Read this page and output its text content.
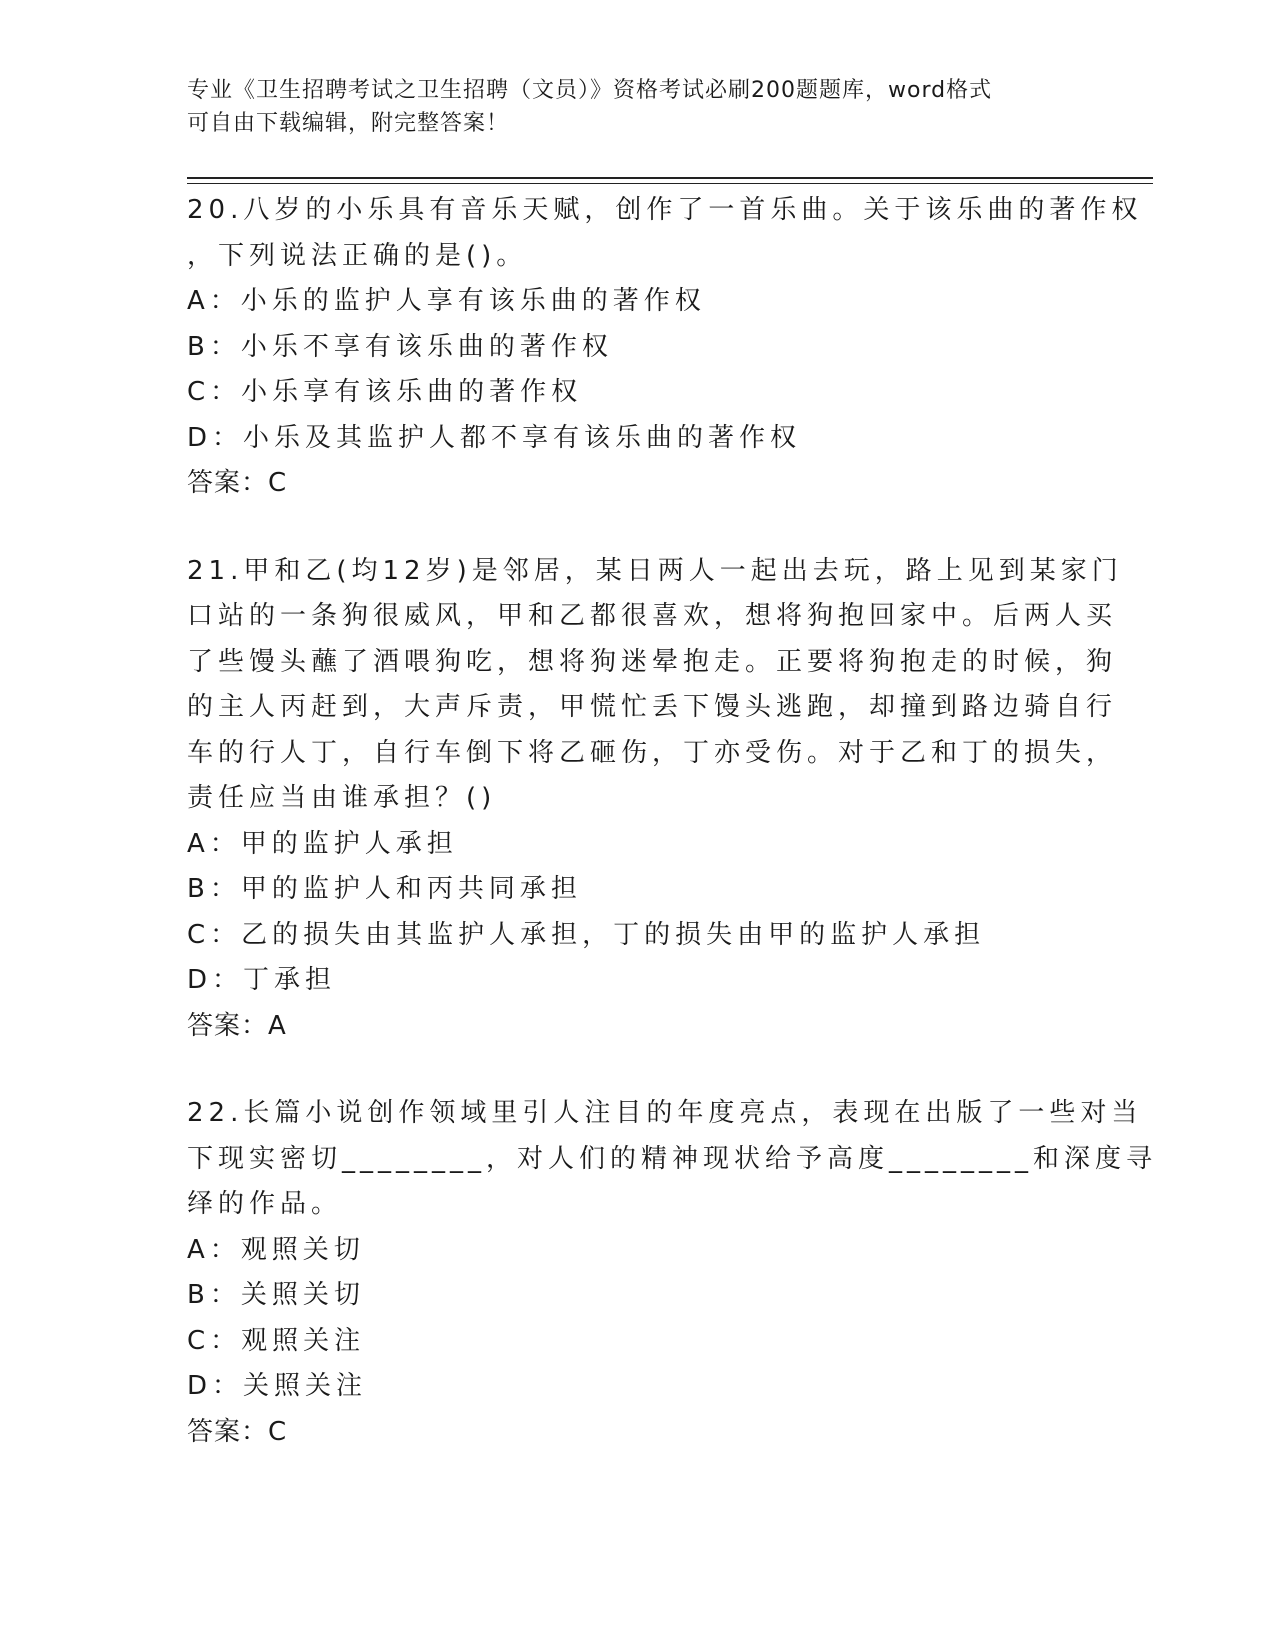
专业《卫生招聘考试之卫生招聘（文员）》资格考试必刷200题题库，word格式
可自由下载编辑，附完整答案！
20.八岁的小乐具有音乐天赋，创作了一首乐曲。关于该乐曲的著作权
，下列说法正确的是()。
A：小乐的监护人享有该乐曲的著作权
B：小乐不享有该乐曲的著作权
C：小乐享有该乐曲的著作权
D：小乐及其监护人都不享有该乐曲的著作权
答案：C
21.甲和乙(均12岁)是邻居，某日两人一起出去玩，路上见到某家门
口站的一条狗很威风，甲和乙都很喜欢，想将狗抱回家中。后两人买
了些馒头蘸了酒喂狗吃，想将狗迷晕抱走。正要将狗抱走的时候，狗
的主人丙赶到，大声斥责，甲慌忙丢下馒头逃跑，却撞到路边骑自行
车的行人丁，自行车倒下将乙砸伤，丁亦受伤。对于乙和丁的损失，
责任应当由谁承担？()
A：甲的监护人承担
B：甲的监护人和丙共同承担
C：乙的损失由其监护人承担，丁的损失由甲的监护人承担
D：丁承担
答案：A
22.长篇小说创作领域里引人注目的年度亮点，表现在出版了一些对当
下现实密切________，对人们的精神现状给予高度________和深度寻
绎的作品。
A：观照关切
B：关照关切
C：观照关注
D：关照关注
答案：C
